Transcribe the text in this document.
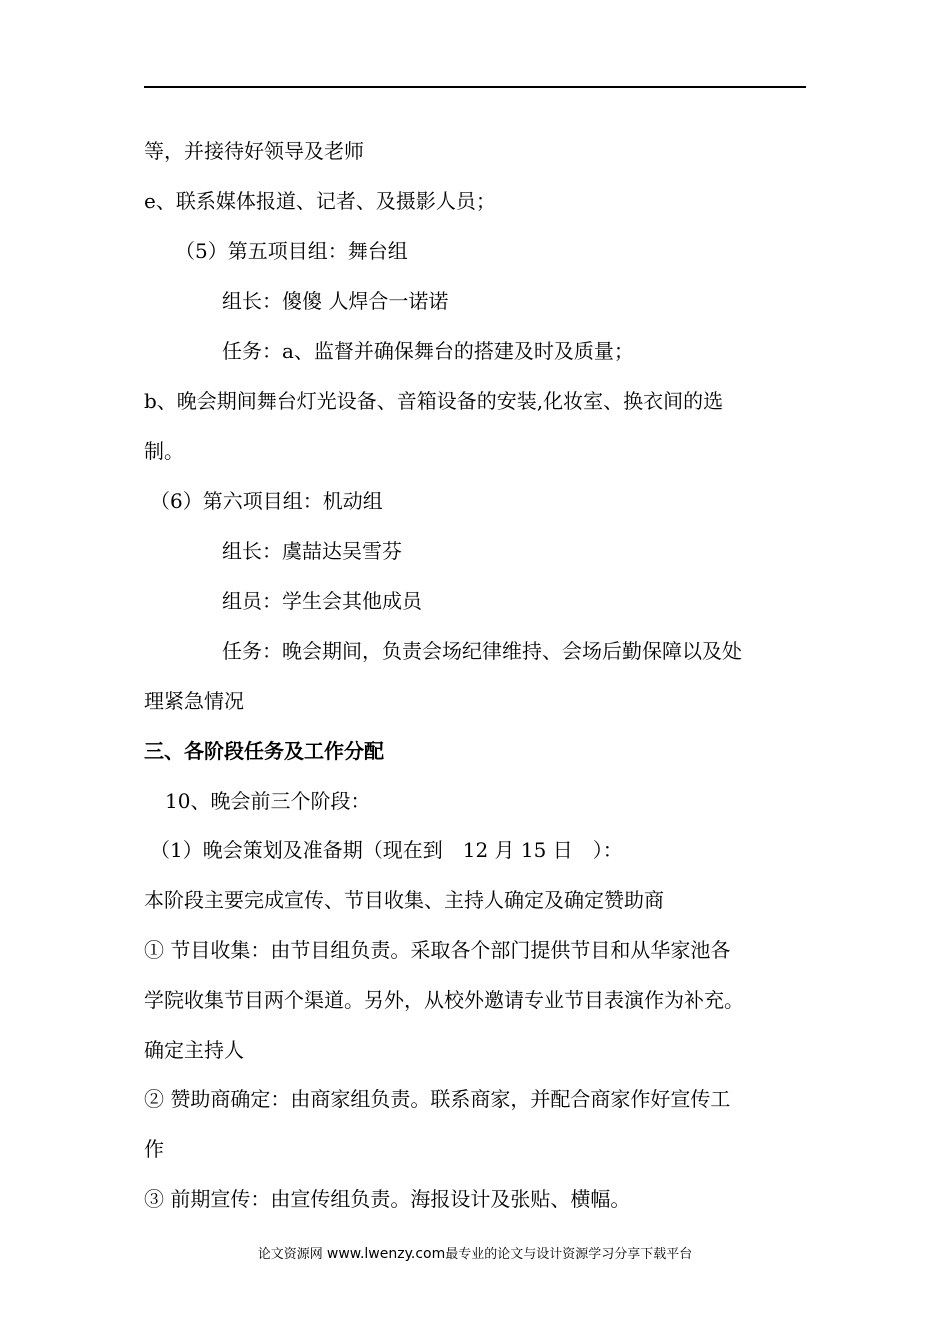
等，并接待好领导及老师
e、联系媒体报道、记者、及摄影人员；
（5）第五项目组：舞台组
组长：傻傻 人焊合一诺诺
任务：a、监督并确保舞台的搭建及时及质量；
b、晚会期间舞台灯光设备、音箱设备的安装,化妆室、换衣间的选
制。
（6）第六项目组：机动组
组长：虞喆达吴雪芬
组员：学生会其他成员
任务：晚会期间，负责会场纪律维持、会场后勤保障以及处
理紧急情况
三、各阶段任务及工作分配
10、晚会前三个阶段：
（1）晚会策划及准备期（现在到　12 月 15 日　）：
本阶段主要完成宣传、节目收集、主持人确定及确定赞助商
① 节目收集：由节目组负责。采取各个部门提供节目和从华家池各
学院收集节目两个渠道。另外，从校外邀请专业节目表演作为补充。
确定主持人
② 赞助商确定：由商家组负责。联系商家，并配合商家作好宣传工
作
③ 前期宣传：由宣传组负责。海报设计及张贴、横幅。
论文资源网 www.lwenzy.com最专业的论文与设计资源学习分享下载平台
